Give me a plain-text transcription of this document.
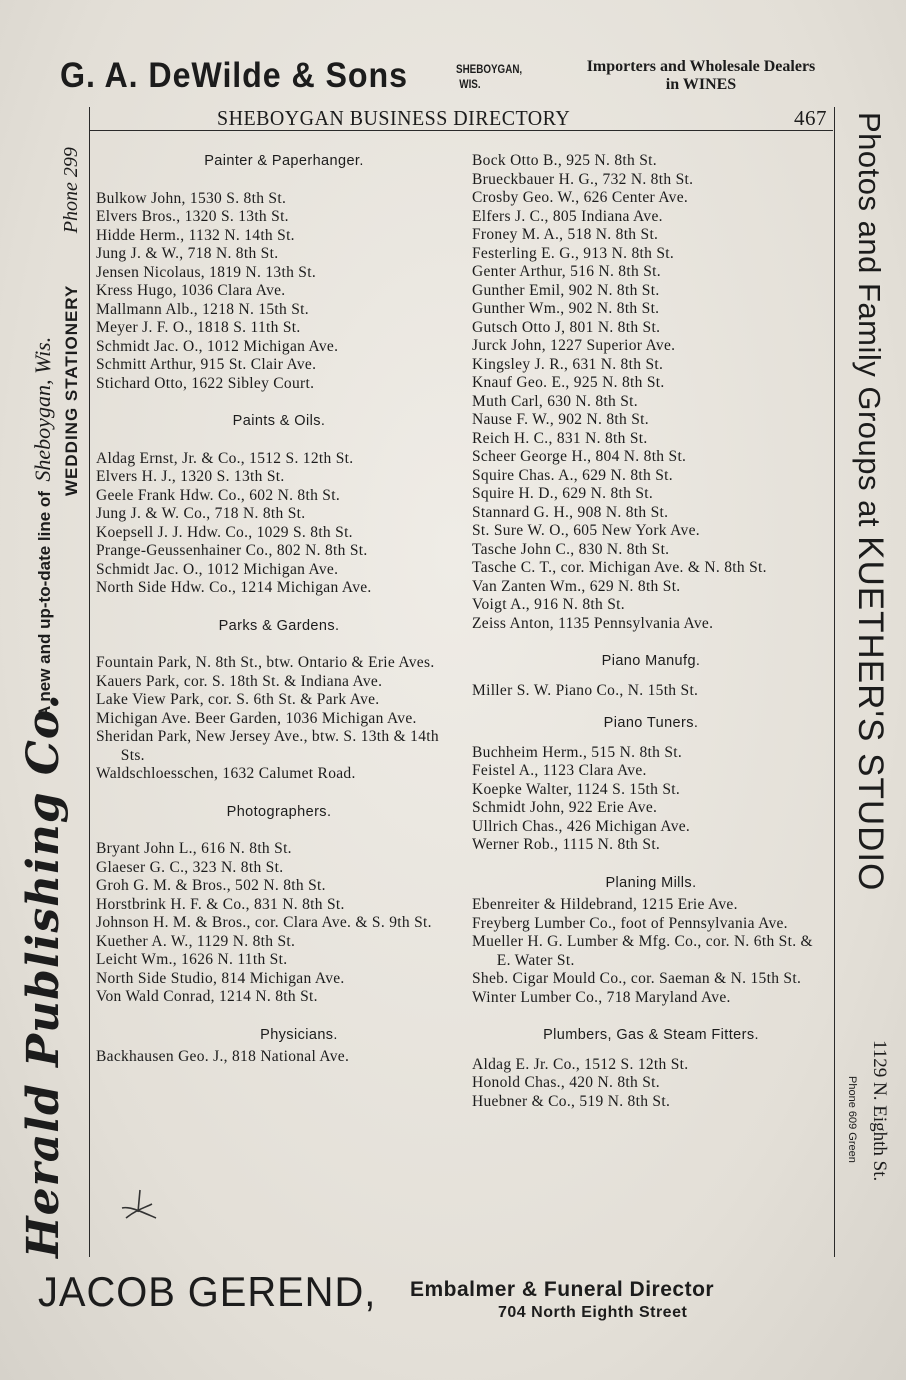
G. A. DeWilde & Sons	SHEBOYGAN,
WIS.
Importers and Wholesale Dealers
in WINES
SHEBOYGAN BUSINESS DIRECTORY	467
Painter & Paperhanger.
Bulkow John, 1530 S. 8th St.
Elvers Bros., 1320 S. 13th St.
Hidde Herm., 1132 N. 14th St.
Jung J. & W., 718 N. 8th St.
Jensen Nicolaus, 1819 N. 13th St.
Kress Hugo, 1036 Clara Ave.
Mallmann Alb., 1218 N. 15th St.
Meyer J. F. O., 1818 S. 11th St.
Schmidt Jac. O., 1012 Michigan Ave.
Schmitt Arthur, 915 St. Clair Ave.
Stichard Otto, 1622 Sibley Court.
Paints & Oils.
Aldag Ernst, Jr. & Co., 1512 S. 12th St.
Elvers H. J., 1320 S. 13th St.
Geele Frank Hdw. Co., 602 N. 8th St.
Jung J. & W. Co., 718 N. 8th St.
Koepsell J. J. Hdw. Co., 1029 S. 8th St.
Prange-Geussenhainer Co., 802 N. 8th St.
Schmidt Jac. O., 1012 Michigan Ave.
North Side Hdw. Co., 1214 Michigan Ave.
Parks & Gardens.
Fountain Park, N. 8th St., btw. Ontario & Erie Aves.
Kauers Park, cor. S. 18th St. & Indiana Ave.
Lake View Park, cor. S. 6th St. & Park Ave.
Michigan Ave. Beer Garden, 1036 Michigan Ave.
Sheridan Park, New Jersey Ave., btw. S. 13th & 14th Sts.
Waldschloesschen, 1632 Calumet Road.
Photographers.
Bryant John L., 616 N. 8th St.
Glaeser G. C., 323 N. 8th St.
Groh G. M. & Bros., 502 N. 8th St.
Horstbrink H. F. & Co., 831 N. 8th St.
Johnson H. M. & Bros., cor. Clara Ave. & S. 9th St.
Kuether A. W., 1129 N. 8th St.
Leicht Wm., 1626 N. 11th St.
North Side Studio, 814 Michigan Ave.
Von Wald Conrad, 1214 N. 8th St.
Physicians.
Backhausen Geo. J., 818 National Ave.
Bock Otto B., 925 N. 8th St.
Brueckbauer H. G., 732 N. 8th St.
Crosby Geo. W., 626 Center Ave.
Elfers J. C., 805 Indiana Ave.
Froney M. A., 518 N. 8th St.
Festerling E. G., 913 N. 8th St.
Genter Arthur, 516 N. 8th St.
Gunther Emil, 902 N. 8th St.
Gunther Wm., 902 N. 8th St.
Gutsch Otto J, 801 N. 8th St.
Jurck John, 1227 Superior Ave.
Kingsley J. R., 631 N. 8th St.
Knauf Geo. E., 925 N. 8th St.
Muth Carl, 630 N. 8th St.
Nause F. W., 902 N. 8th St.
Reich H. C., 831 N. 8th St.
Scheer George H., 804 N. 8th St.
Squire Chas. A., 629 N. 8th St.
Squire H. D., 629 N. 8th St.
Stannard G. H., 908 N. 8th St.
St. Sure W. O., 605 New York Ave.
Tasche John C., 830 N. 8th St.
Tasche C. T., cor. Michigan Ave. & N. 8th St.
Van Zanten Wm., 629 N. 8th St.
Voigt A., 916 N. 8th St.
Zeiss Anton, 1135 Pennsylvania Ave.
Piano Manufg.
Miller S. W. Piano Co., N. 15th St.
Piano Tuners.
Buchheim Herm., 515 N. 8th St.
Feistel A., 1123 Clara Ave.
Koepke Walter, 1124 S. 15th St.
Schmidt John, 922 Erie Ave.
Ullrich Chas., 426 Michigan Ave.
Werner Rob., 1115 N. 8th St.
Planing Mills.
Ebenreiter & Hildebrand, 1215 Erie Ave.
Freyberg Lumber Co., foot of Pennsylvania Ave.
Mueller H. G. Lumber & Mfg. Co., cor. N. 6th St. & E. Water St.
Sheb. Cigar Mould Co., cor. Saeman & N. 15th St.
Winter Lumber Co., 718 Maryland Ave.
Plumbers, Gas & Steam Fitters.
Aldag E. Jr. Co., 1512 S. 12th St.
Honold Chas., 420 N. 8th St.
Huebner & Co., 519 N. 8th St.
Herald Publishing Co.
A new and up-to-date line of  Sheboygan, Wis. WEDDING STATIONERY         Phone 299	Photos and Family Groups at KUETHER'S STUDIO
1129 N. Eighth St.
Phone 609 Green
JACOB GEREND, Embalmer & Funeral Director
704 North Eighth Street
